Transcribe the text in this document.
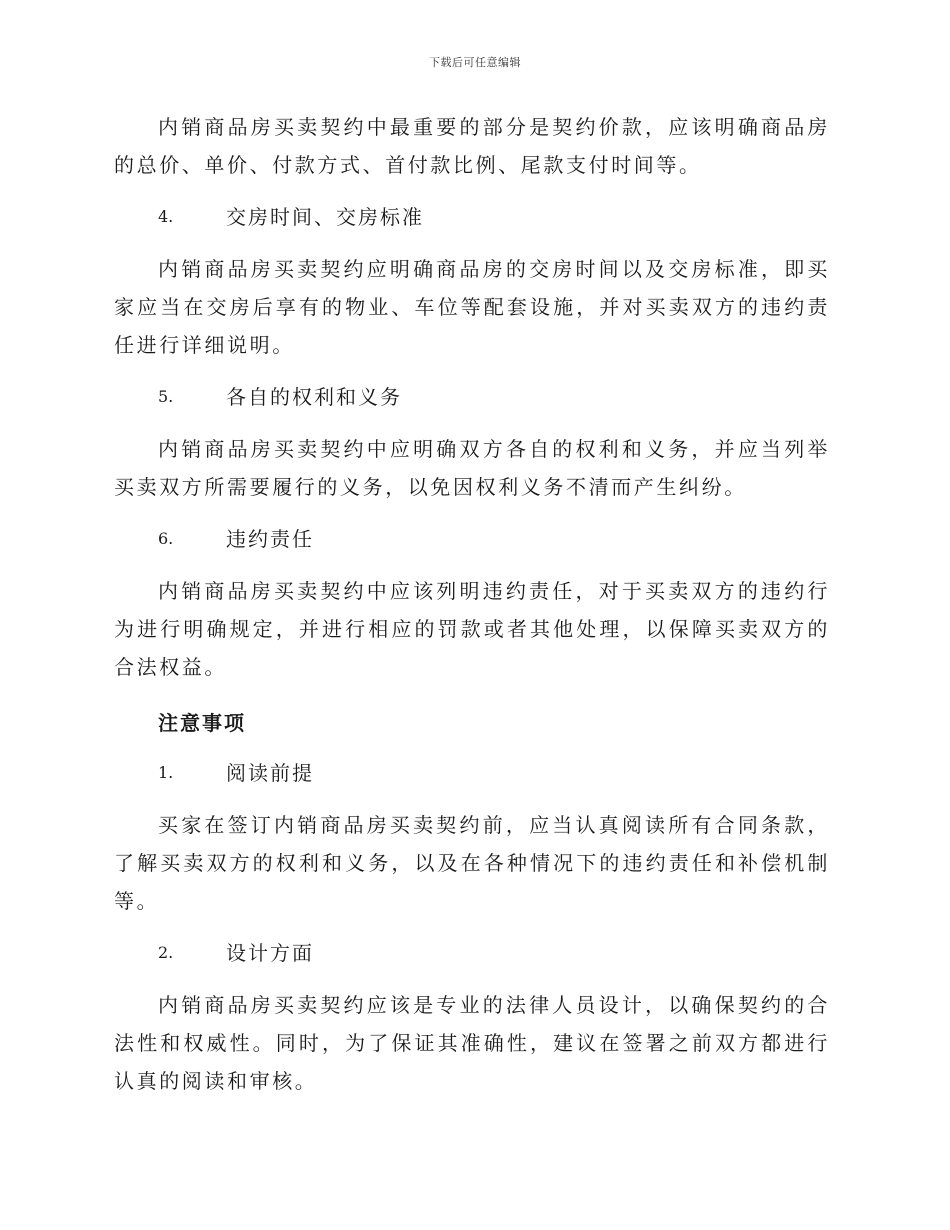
下载后可任意编辑

内销商品房买卖契约中最重要的部分是契约价款，应该明确商品房的总价、单价、付款方式、首付款比例、尾款支付时间等。

4.	交房时间、交房标准

内销商品房买卖契约应明确商品房的交房时间以及交房标准，即买家应当在交房后享有的物业、车位等配套设施，并对买卖双方的违约责任进行详细说明。

5.	各自的权利和义务

内销商品房买卖契约中应明确双方各自的权利和义务，并应当列举买卖双方所需要履行的义务，以免因权利义务不清而产生纠纷。

6.	违约责任

内销商品房买卖契约中应该列明违约责任，对于买卖双方的违约行为进行明确规定，并进行相应的罚款或者其他处理，以保障买卖双方的合法权益。

注意事项
1.	阅读前提

买家在签订内销商品房买卖契约前，应当认真阅读所有合同条款，了解买卖双方的权利和义务，以及在各种情况下的违约责任和补偿机制等。

2.	设计方面

内销商品房买卖契约应该是专业的法律人员设计，以确保契约的合法性和权威性。同时，为了保证其准确性，建议在签署之前双方都进行认真的阅读和审核。
